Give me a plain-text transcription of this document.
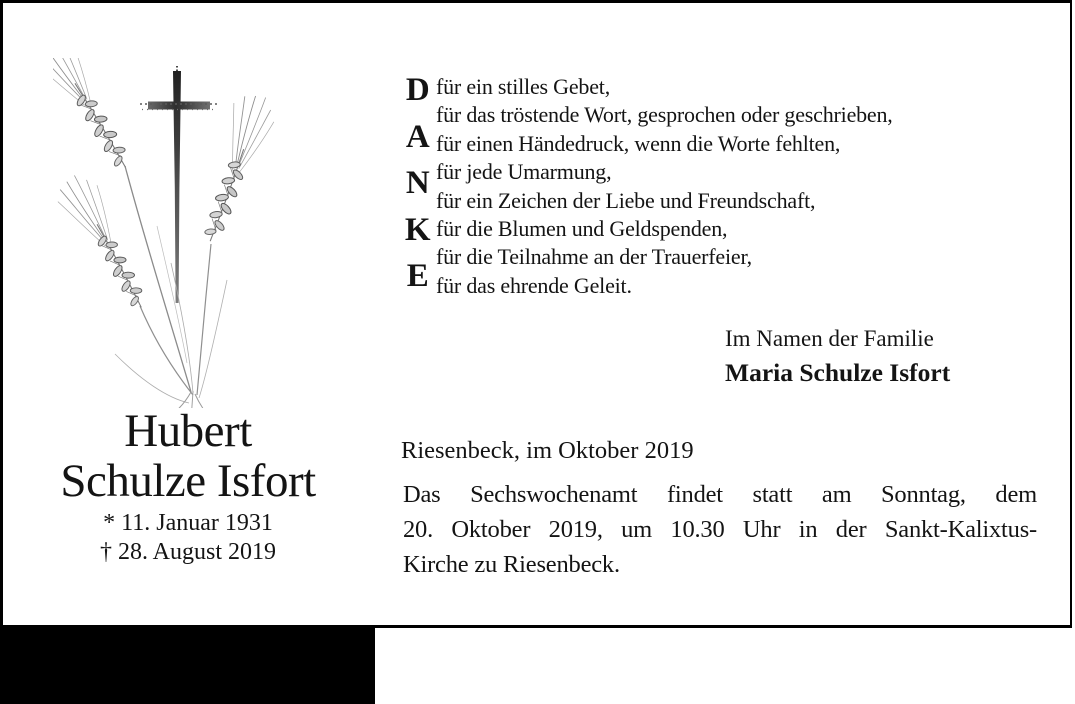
D
A
N
K
E
für ein stilles Gebet,
für das tröstende Wort, gesprochen oder geschrieben,
für einen Händedruck, wenn die Worte fehlten,
für jede Umarmung,
für ein Zeichen der Liebe und Freundschaft,
für die Blumen und Geldspenden,
für die Teilnahme an der Trauerfeier,
für das ehrende Geleit.
Im Namen der Familie
Maria Schulze Isfort
Riesenbeck, im Oktober 2019
Das Sechswochenamt findet statt am Sonntag, dem
20. Oktober 2019, um 10.30 Uhr in der Sankt-Kalixtus-
Kirche zu Riesenbeck.
Hubert
Schulze Isfort
* 11. Januar 1931
† 28. August 2019
